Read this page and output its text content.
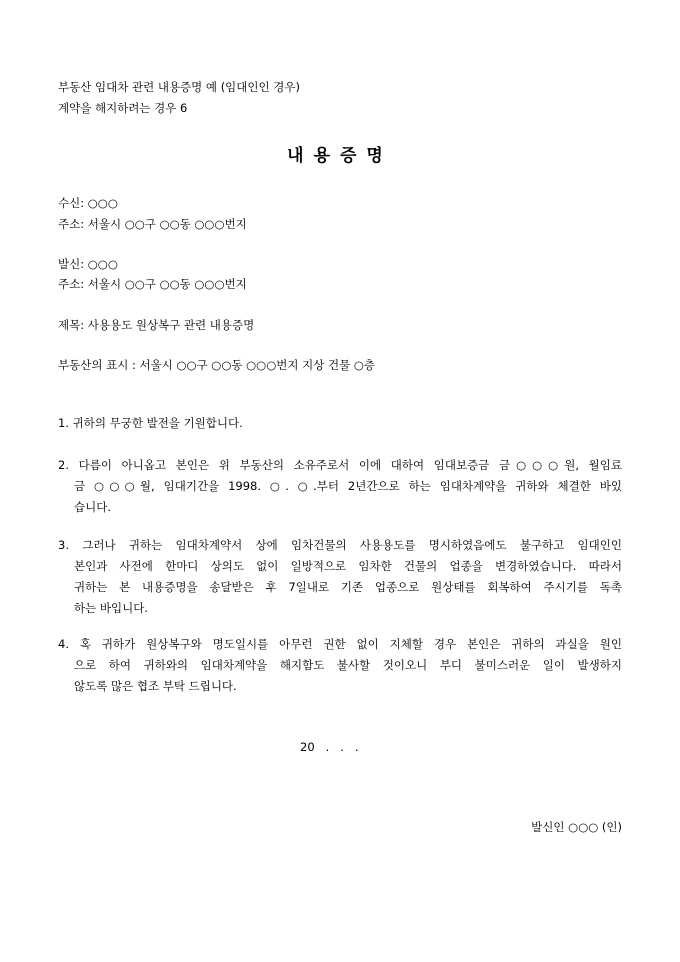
부동산 임대차 관련 내용증명 예 (임대인인 경우)
계약을 해지하려는 경우 6
내용증명
수신: ○○○
주소: 서울시 ○○구 ○○동 ○○○번지
발신: ○○○
주소: 서울시 ○○구 ○○동 ○○○번지
제목: 사용용도 원상복구 관련 내용증명
부동산의 표시 : 서울시 ○○구 ○○동 ○○○번지 지상 건물 ○층
1. 귀하의 무궁한 발전을 기원합니다.
2. 다름이 아니옵고 본인은 위 부동산의 소유주로서 이에 대하여 임대보증금 금○○○원, 월임료
금 ○○○월, 임대기간을 1998. ○. ○.부터 2년간으로 하는 임대차계약을 귀하와 체결한 바있
습니다.
3. 그러나 귀하는 임대차계약서 상에 임차건물의 사용용도를 명시하였음에도 불구하고 임대인인
본인과 사전에 한마디 상의도 없이 일방적으로 임차한 건물의 업종을 변경하였습니다. 따라서
귀하는 본 내용증명을 송달받은 후 7일내로 기존 업종으로 원상태를 회복하여 주시기를 독촉
하는 바입니다.
4. 혹 귀하가 원상복구와 명도일시를 아무런 권한 없이 지체할 경우 본인은 귀하의 과실을 원인
으로 하여 귀하와의 임대차계약을 해지함도 불사할 것이오니 부디 불미스러운 일이 발생하지
않도록 많은 협조 부탁 드립니다.
20   .   .   .
발신인 ○○○ (인)
